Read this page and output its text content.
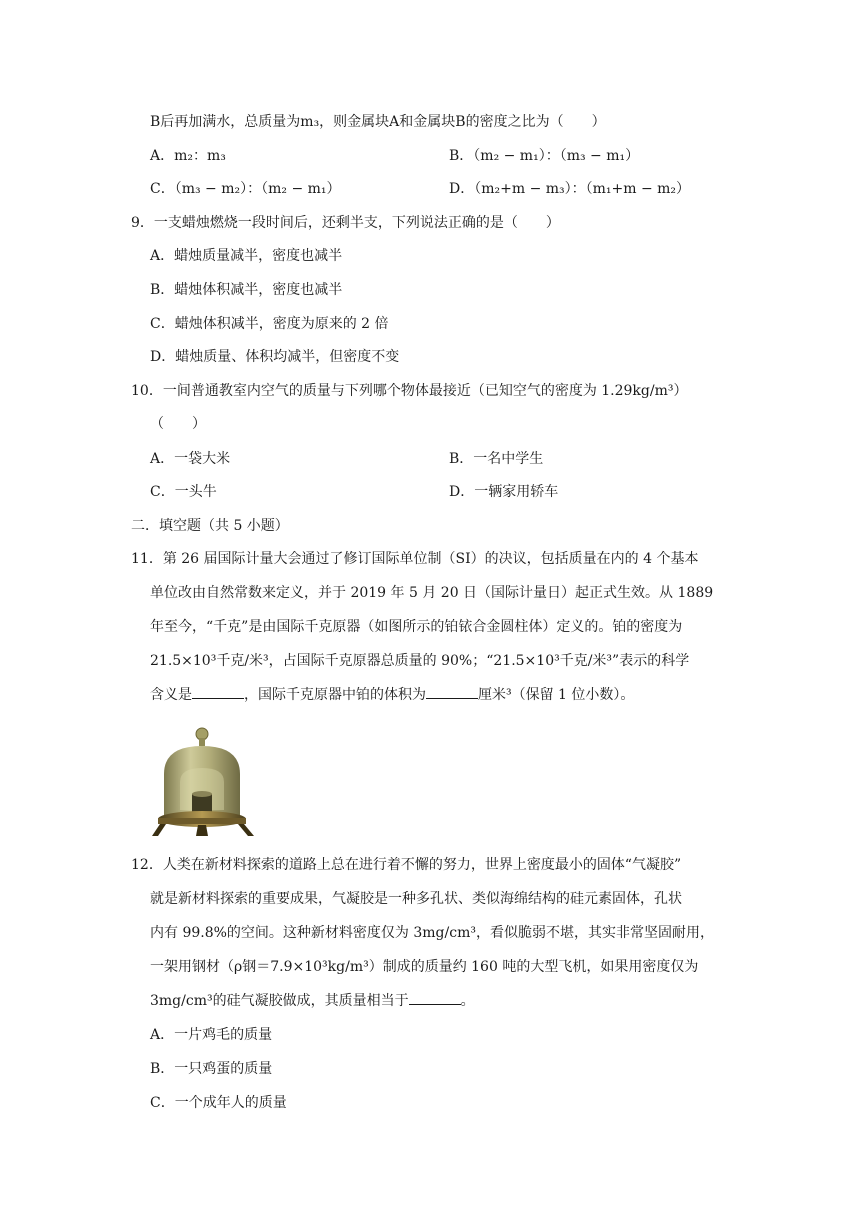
B后再加满水，总质量为m₃，则金属块A和金属块B的密度之比为（　　）
A．m₂：m₃	B．（m₂ − m₁）：（m₃ − m₁）
C．（m₃ − m₂）：（m₂ − m₁）	D．（m₂+m − m₃）：（m₁+m − m₂）
9．一支蜡烛燃烧一段时间后，还剩半支，下列说法正确的是（　　）
A．蜡烛质量减半，密度也减半
B．蜡烛体积减半，密度也减半
C．蜡烛体积减半，密度为原来的 2 倍
D．蜡烛质量、体积均减半，但密度不变
10．一间普通教室内空气的质量与下列哪个物体最接近（已知空气的密度为 1.29kg/m³）
（　　）
A．一袋大米	B．一名中学生
C．一头牛	D．一辆家用轿车
二．填空题（共 5 小题）
11．第 26 届国际计量大会通过了修订国际单位制（SI）的决议，包括质量在内的 4 个基本
单位改由自然常数来定义，并于 2019 年 5 月 20 日（国际计量日）起正式生效。从 1889
年至今，“千克”是由国际千克原器（如图所示的铂铱合金圆柱体）定义的。铂的密度为
21.5×10³千克/米³，占国际千克原器总质量的 90%；“21.5×10³千克/米³”表示的科学
含义是	，国际千克原器中铂的体积为	厘米³（保留 1 位小数）。
12．人类在新材料探索的道路上总在进行着不懈的努力，世界上密度最小的固体“气凝胶”
就是新材料探索的重要成果，气凝胶是一种多孔状、类似海绵结构的硅元素固体，孔状
内有 99.8%的空间。这种新材料密度仅为 3mg/cm³，看似脆弱不堪，其实非常坚固耐用，
一架用钢材（ρ钢＝7.9×10³kg/m³）制成的质量约 160 吨的大型飞机，如果用密度仅为
3mg/cm³的硅气凝胶做成，其质量相当于	。
A．一片鸡毛的质量
B．一只鸡蛋的质量
C．一个成年人的质量
